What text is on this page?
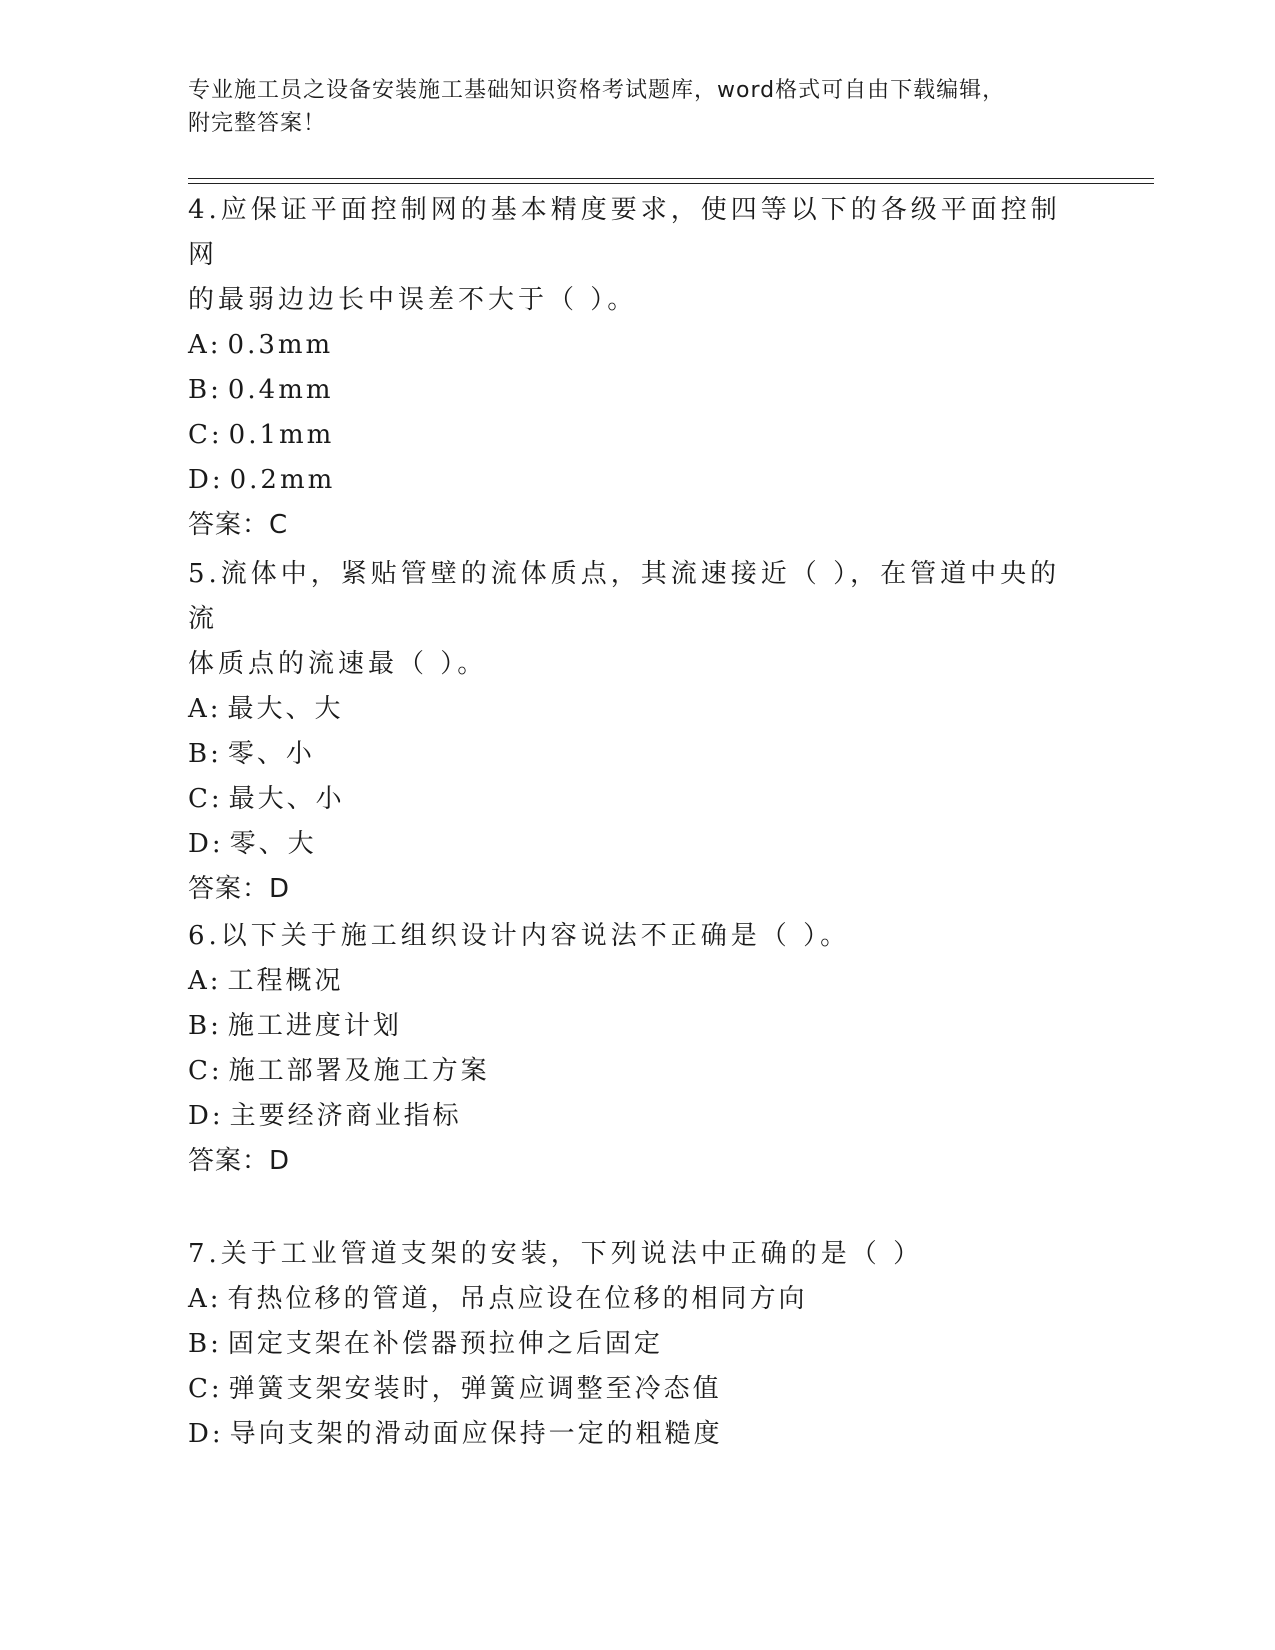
专业施工员之设备安装施工基础知识资格考试题库，word格式可自由下载编辑，
附完整答案！
4.应保证平面控制网的基本精度要求，使四等以下的各级平面控制网
的最弱边边长中误差不大于（ ）。
A: 0.3mm
B: 0.4mm
C: 0.1mm
D: 0.2mm
答案：C
5.流体中，紧贴管壁的流体质点，其流速接近（ ），在管道中央的流
体质点的流速最（ ）。
A: 最大、大
B: 零、小
C: 最大、小
D: 零、大
答案：D
6.以下关于施工组织设计内容说法不正确是（ ）。
A: 工程概况
B: 施工进度计划
C: 施工部署及施工方案
D: 主要经济商业指标
答案：D
7.关于工业管道支架的安装，下列说法中正确的是（ ）
A: 有热位移的管道，吊点应设在位移的相同方向
B: 固定支架在补偿器预拉伸之后固定
C: 弹簧支架安装时，弹簧应调整至冷态值
D: 导向支架的滑动面应保持一定的粗糙度
